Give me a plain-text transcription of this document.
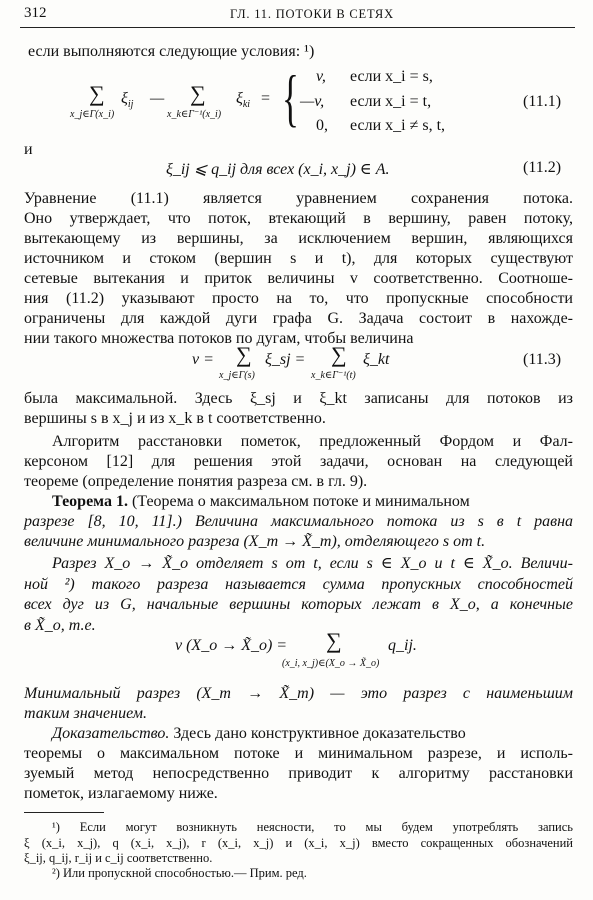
312	ГЛ. 11. ПОТОКИ В СЕТЯХ
если выполняются следующие условия: ¹)
∑
x_j∈Γ(x_i)
$\xi_{ij}$ — ∑
x_k∈Γ⁻¹(x_i)
$\xi_{ki}$ = { v, если x_i = s,
—v, если x_i = t,
0, если x_i ≠ s, t,
(11.1)
и
ξ_ij ⩽ q_ij для всех (x_i, x_j) ∈ A.	(11.2)
Уравнение (11.1) является уравнением сохранения потока.
Оно утверждает, что поток, втекающий в вершину, равен потоку,
вытекающему из вершины, за исключением вершин, являющихся
источником и стоком (вершин s и t), для которых существуют
сетевые вытекания и приток величины v соответственно. Соотноше-
ния (11.2) указывают просто на то, что пропускные способности
ограничены для каждой дуги графа G. Задача состоит в нахожде-
нии такого множества потоков по дугам, чтобы величина
v = ∑
x_j∈Γ(s)
ξ_sj = ∑
x_k∈Γ⁻¹(t)
ξ_kt	(11.3)
была максимальной. Здесь ξ_sj и ξ_kt записаны для потоков из
вершины s в x_j и из x_k в t соответственно.
Алгоритм расстановки пометок, предложенный Фордом и Фал-
керсоном [12] для решения этой задачи, основан на следующей
теореме (определение понятия разреза см. в гл. 9).
Теорема 1. (Теорема о максимальном потоке и минимальном
разрезе [8, 10, 11].) Величина максимального потока из s в t равна
величине минимального разреза (X_m → X̃_m), отделяющего s от t.
Разрез X_o → X̃_o отделяет s от t, если s ∈ X_o и t ∈ X̃_o. Величи-
ной ²) такого разреза называется сумма пропускных способностей
всех дуг из G, начальные вершины которых лежат в X_o, а конечные
в X̃_o, т.е.
v (X_o → X̃_o) = ∑
(x_i, x_j)∈(X_o → X̃_o)
q_ij.
Минимальный разрез (X_m → X̃_m) — это разрез с наименьшим
таким значением.
Доказательство. Здесь дано конструктивное доказательство
теоремы о максимальном потоке и минимальном разрезе, и исполь-
зуемый метод непосредственно приводит к алгоритму расстановки
пометок, излагаемому ниже.
¹) Если могут возникнуть неясности, то мы будем употреблять запись
ξ (x_i, x_j), q (x_i, x_j), r (x_i, x_j) и (x_i, x_j) вместо сокращенных обозначений
ξ_ij, q_ij, r_ij и c_ij соответственно.
²) Или пропускной способностью.— Прим. ред.
